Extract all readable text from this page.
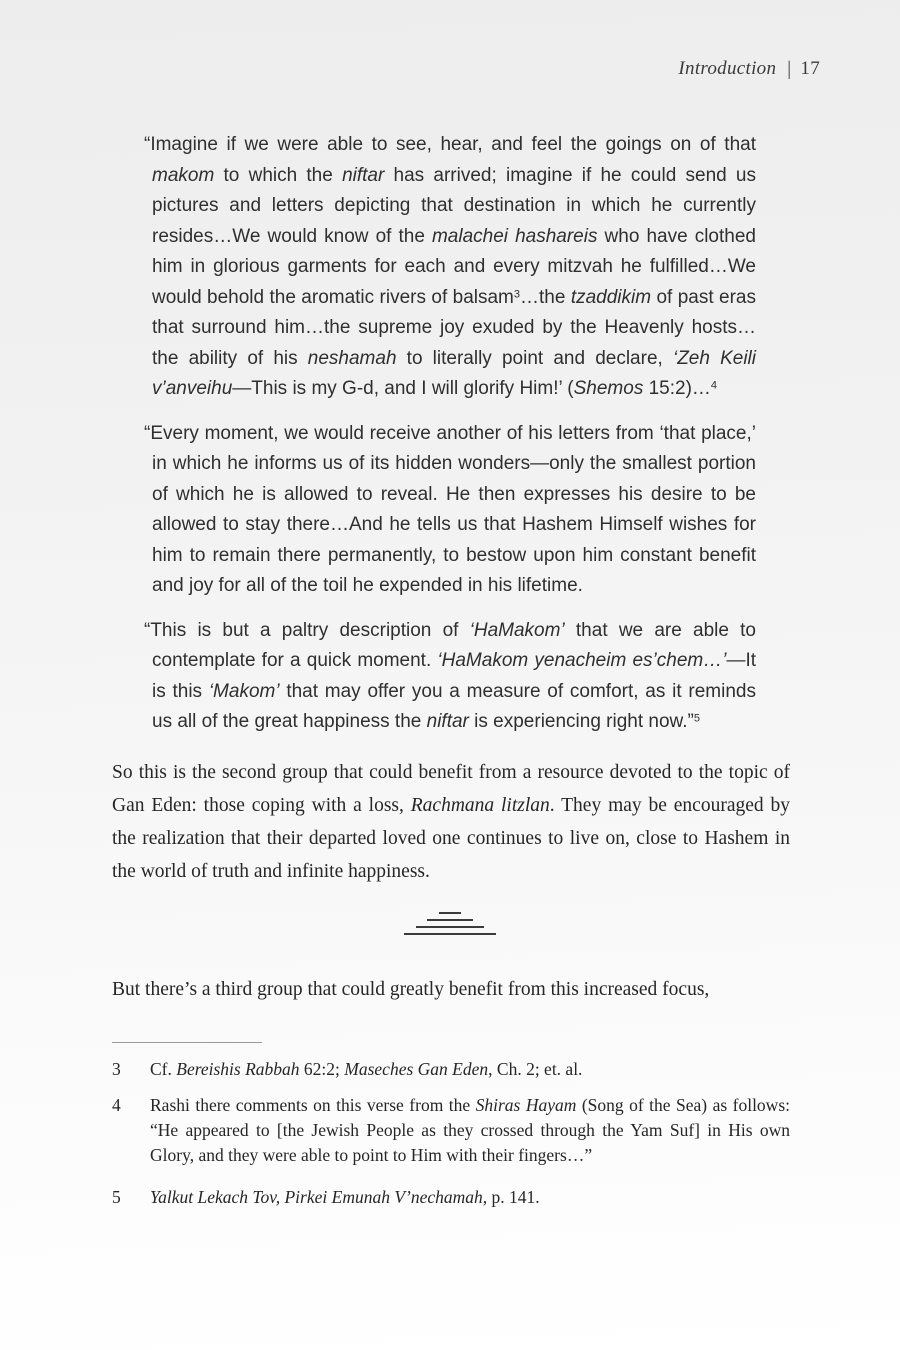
Introduction | 17

“Imagine if we were able to see, hear, and feel the goings on of that makom to which the niftar has arrived; imagine if he could send us pictures and letters depicting that destination in which he currently resides…We would know of the malachei hashareis who have clothed him in glorious garments for each and every mitzvah he fulfilled…We would behold the aromatic rivers of balsam$^3$…the tzaddikim of past eras that surround him…the supreme joy exuded by the Heavenly hosts…the ability of his neshamah to literally point and declare, ‘Zeh Keili v’anveihu—This is my G-d, and I will glorify Him!’ (Shemos 15:2)…$^4$

“Every moment, we would receive another of his letters from ‘that place,’ in which he informs us of its hidden wonders—only the smallest portion of which he is allowed to reveal. He then expresses his desire to be allowed to stay there…And he tells us that Hashem Himself wishes for him to remain there permanently, to bestow upon him constant benefit and joy for all of the toil he expended in his lifetime.

“This is but a paltry description of ‘HaMakom’ that we are able to contemplate for a quick moment. ‘HaMakom yenacheim es’chem…’—It is this ‘Makom’ that may offer you a measure of comfort, as it reminds us all of the great happiness the niftar is experiencing right now.”$^5$

So this is the second group that could benefit from a resource devoted to the topic of Gan Eden: those coping with a loss, Rachmana litzlan. They may be encouraged by the realization that their departed loved one continues to live on, close to Hashem in the world of truth and infinite happiness.

But there’s a third group that could greatly benefit from this increased focus,

3	Cf. Bereishis Rabbah 62:2; Maseches Gan Eden, Ch. 2; et. al.
4	Rashi there comments on this verse from the Shiras Hayam (Song of the Sea) as follows: “He appeared to [the Jewish People as they crossed through the Yam Suf] in His own Glory, and they were able to point to Him with their fingers…”
5	Yalkut Lekach Tov, Pirkei Emunah V’nechamah, p. 141.
